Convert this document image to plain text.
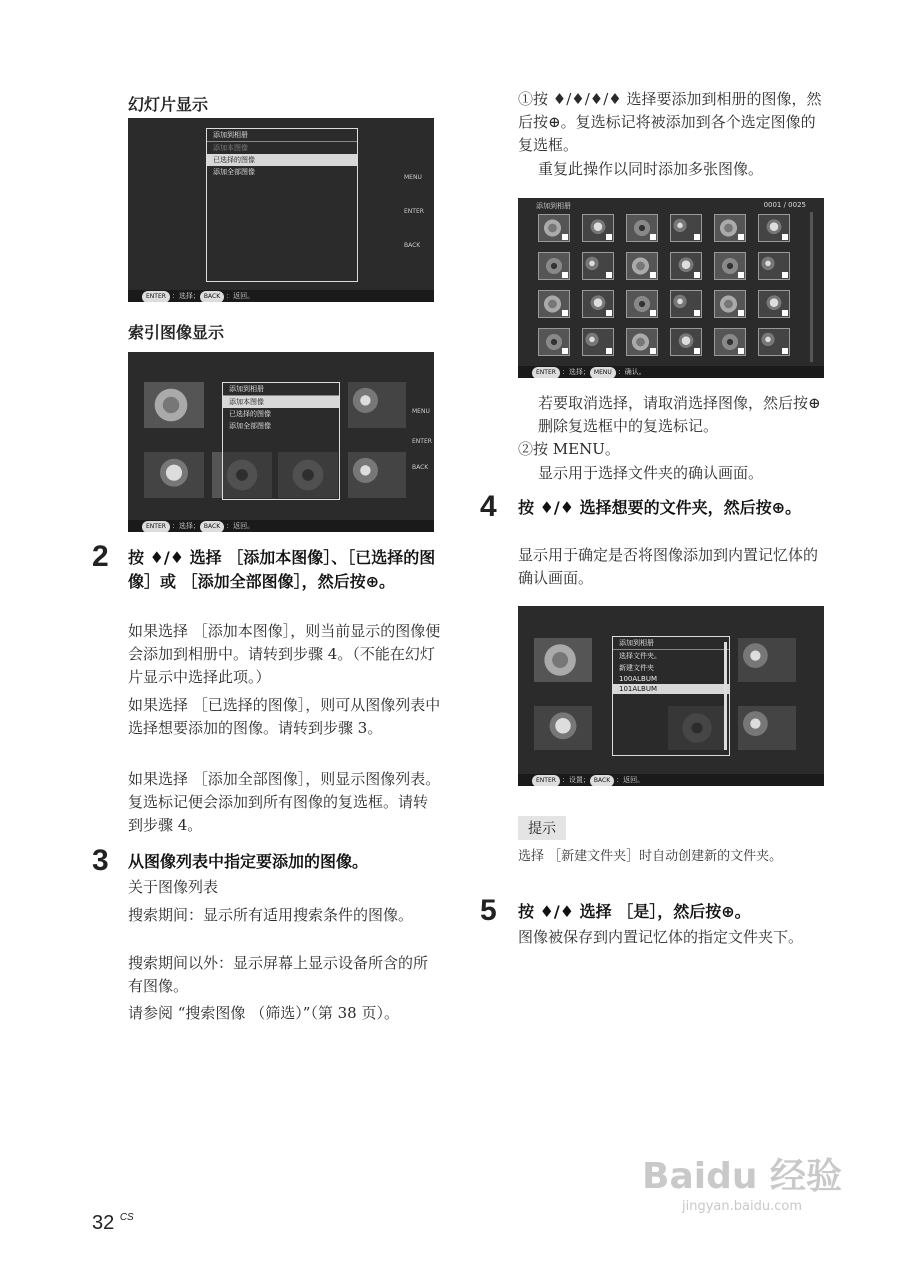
幻灯片显示
添加到相册
添加本图像
已选择的图像
添加全部图像
MENU
ENTER
BACK
ENTER ：选择； BACK ：返回。
索引图像显示
添加到相册
添加本图像
已选择的图像
添加全部图像
MENU
ENTER
BACK
ENTER ：选择； BACK ：返回。
2 按 ♦/♦ 选择 ［添加本图像］、［已选择的图像］或 ［添加全部图像］，然后按⊕。
如果选择 ［添加本图像］，则当前显示的图像便会添加到相册中。请转到步骤 4。（不能在幻灯片显示中选择此项。）
如果选择 ［已选择的图像］，则可从图像列表中选择想要添加的图像。请转到步骤 3。
如果选择 ［添加全部图像］，则显示图像列表。复选标记便会添加到所有图像的复选框。请转到步骤 4。
3 从图像列表中指定要添加的图像。
关于图像列表
搜索期间：显示所有适用搜索条件的图像。
搜索期间以外：显示屏幕上显示设备所含的所有图像。
请参阅 “搜索图像 （筛选）”（第 38 页）。
①按 ♦/♦/♦/♦ 选择要添加到相册的图像，然后按⊕。复选标记将被添加到各个选定图像的复选框。
重复此操作以同时添加多张图像。
添加到相册	0001 / 0025
ENTER ：选择； MENU ：确认。
若要取消选择，请取消选择图像，然后按⊕删除复选框中的复选标记。
②按 MENU。
显示用于选择文件夹的确认画面。
4 按 ♦/♦ 选择想要的文件夹，然后按⊕。
显示用于确定是否将图像添加到内置记忆体的确认画面。
添加到相册
选择文件夹。
新建文件夹
100ALBUM
101ALBUM
ENTER ：设置； BACK ：返回。
提示
选择 ［新建文件夹］时自动创建新的文件夹。
5 按 ♦/♦ 选择 ［是］，然后按⊕。
图像被保存到内置记忆体的指定文件夹下。
32 $^{CS}$
Baidu 经验
jingyan.baidu.com
